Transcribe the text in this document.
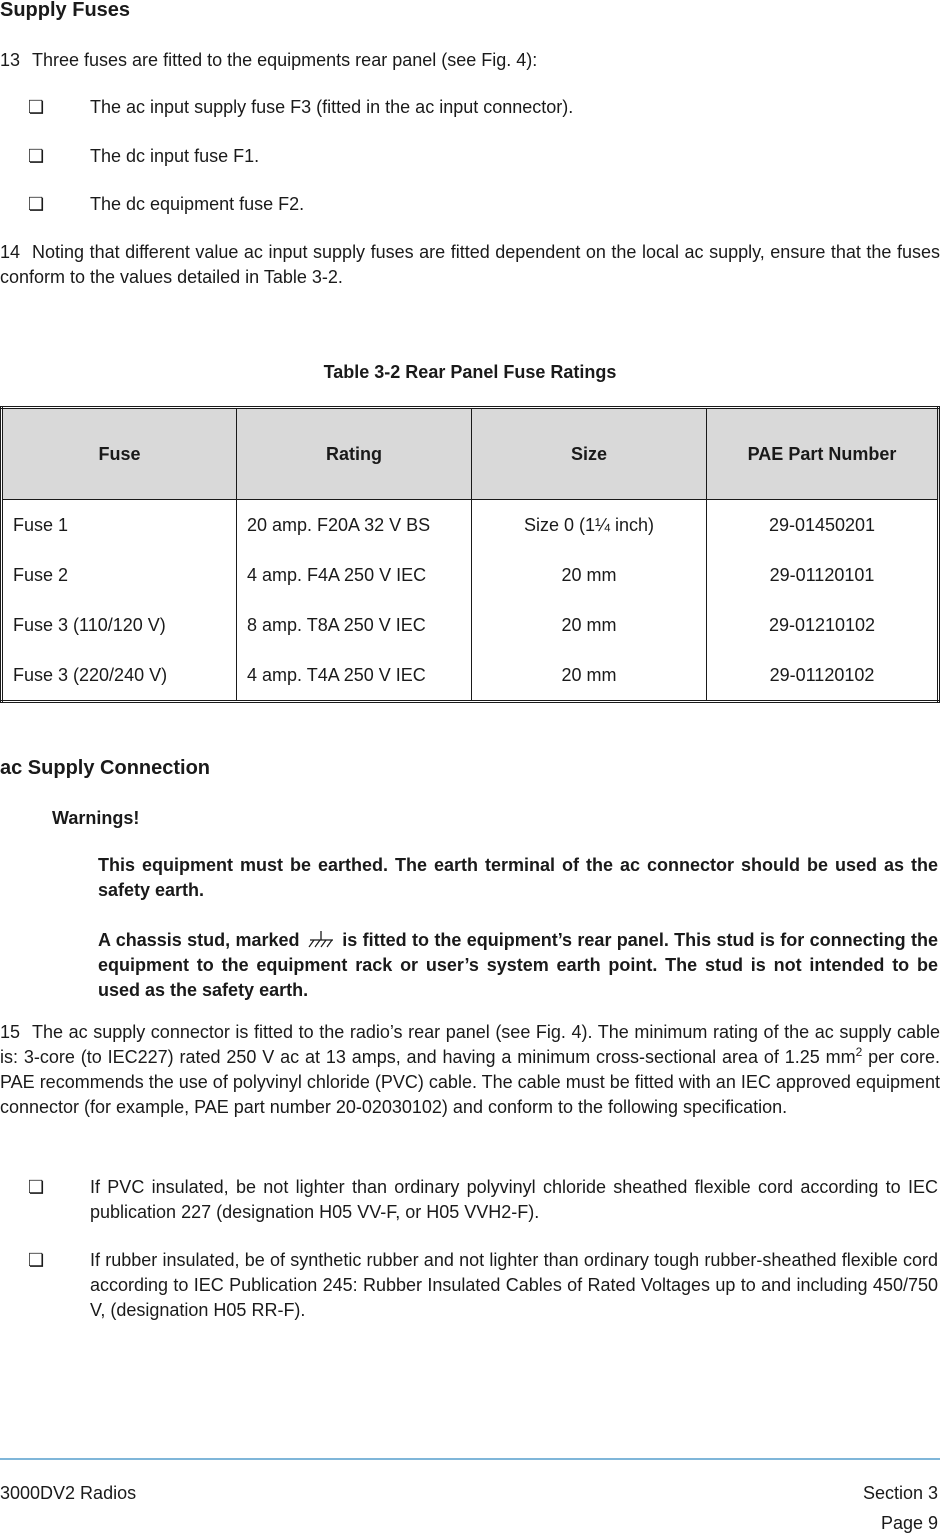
Supply Fuses
13 Three fuses are fitted to the equipments rear panel (see Fig. 4):
❏	The ac input supply fuse F3 (fitted in the ac input connector).
❏	The dc input fuse F1.
❏	The dc equipment fuse F2.
14 Noting that different value ac input supply fuses are fitted dependent on the local ac supply, ensure that the fuses conform to the values detailed in Table 3-2.
Table 3-2 Rear Panel Fuse Ratings
Fuse	Rating	Size	PAE Part Number
Fuse 1	20 amp. F20A 32 V BS	Size 0 (1¼ inch)	29-01450201
Fuse 2	4 amp. F4A 250 V IEC	20 mm	29-01120101
Fuse 3 (110/120 V)	8 amp. T8A 250 V IEC	20 mm	29-01210102
Fuse 3 (220/240 V)	4 amp. T4A 250 V IEC	20 mm	29-01120102
ac Supply Connection
Warnings!
This equipment must be earthed. The earth terminal of the ac connector should be used as the safety earth.
A chassis stud, marked is fitted to the equipment’s rear panel. This stud is for connecting the equipment to the equipment rack or user’s system earth point. The stud is not intended to be used as the safety earth.
15 The ac supply connector is fitted to the radio’s rear panel (see Fig. 4). The minimum rating of the ac supply cable is: 3-core (to IEC227) rated 250 V ac at 13 amps, and having a minimum cross-sectional area of 1.25 $mm^2$ per core. PAE recommends the use of polyvinyl chloride (PVC) cable. The cable must be fitted with an IEC approved equipment connector (for example, PAE part number 20-02030102) and conform to the following specification.
❏	If PVC insulated, be not lighter than ordinary polyvinyl chloride sheathed flexible cord according to IEC publication 227 (designation H05 VV-F, or H05 VVH2-F).
❏	If rubber insulated, be of synthetic rubber and not lighter than ordinary tough rubber-sheathed flexible cord according to IEC Publication 245: Rubber Insulated Cables of Rated Voltages up to and including 450/750 V, (designation H05 RR-F).
3000DV2 Radios	Section 3
Page 9
